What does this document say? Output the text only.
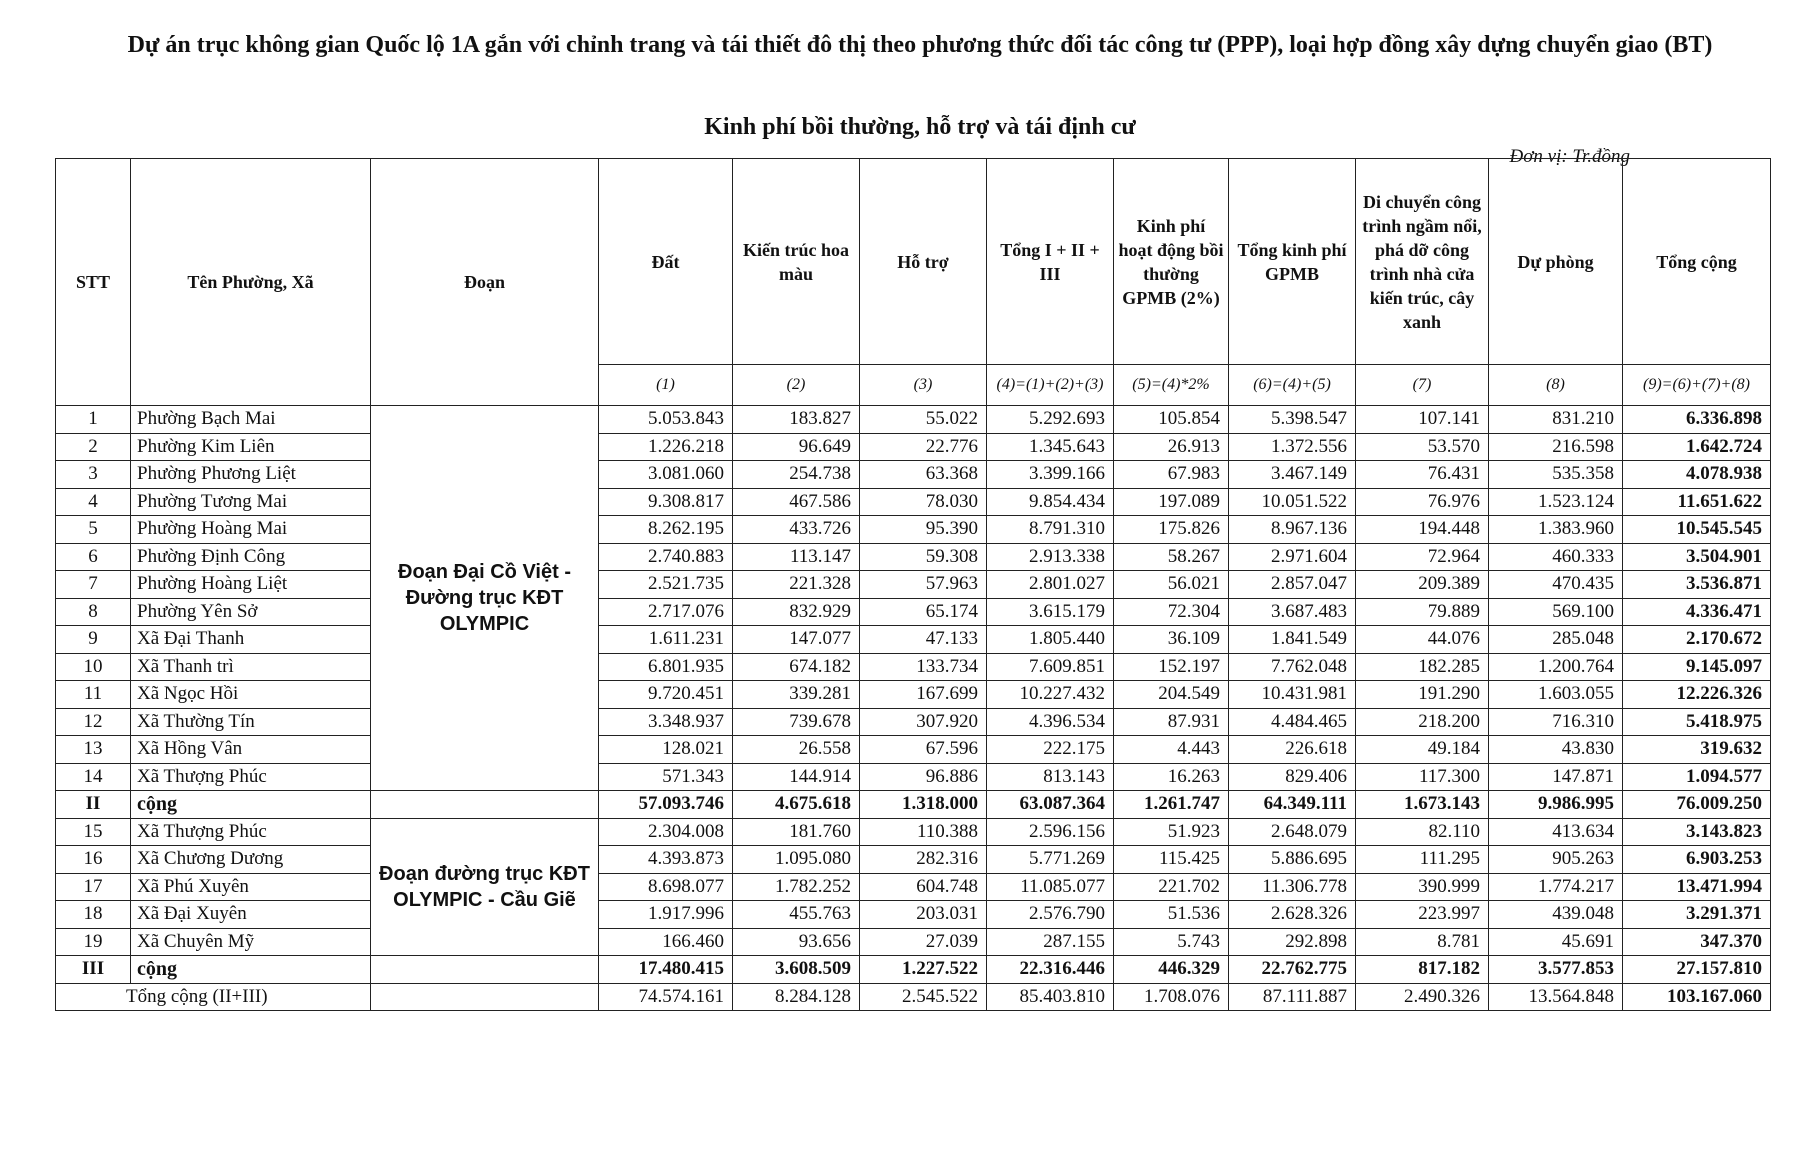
Dự án trục không gian Quốc lộ 1A gắn với chỉnh trang và tái thiết đô thị theo phương thức đối tác công tư (PPP), loại hợp đồng xây dựng chuyển giao (BT)
Kinh phí bồi thường, hỗ trợ và tái định cư
Đơn vị: Tr.đồng
STT	Tên Phường, Xã	Đoạn	Đất	Kiến trúc hoa màu	Hỗ trợ	Tổng I + II + III	Kinh phí hoạt động bồi thường GPMB (2%)	Tổng kinh phí GPMB	Di chuyển công trình ngầm nổi, phá dỡ công trình nhà cửa kiến trúc, cây xanh	Dự phòng	Tổng cộng
			(1)	(2)	(3)	(4)=(1)+(2)+(3)	(5)=(4)*2%	(6)=(4)+(5)	(7)	(8)	(9)=(6)+(7)+(8)
1	Phường Bạch Mai	Đoạn Đại Cồ Việt - Đường trục KĐT OLYMPIC	5.053.843	183.827	55.022	5.292.693	105.854	5.398.547	107.141	831.210	6.336.898
2	Phường Kim Liên		1.226.218	96.649	22.776	1.345.643	26.913	1.372.556	53.570	216.598	1.642.724
3	Phường Phương Liệt		3.081.060	254.738	63.368	3.399.166	67.983	3.467.149	76.431	535.358	4.078.938
4	Phường Tương Mai		9.308.817	467.586	78.030	9.854.434	197.089	10.051.522	76.976	1.523.124	11.651.622
5	Phường Hoàng Mai		8.262.195	433.726	95.390	8.791.310	175.826	8.967.136	194.448	1.383.960	10.545.545
6	Phường Định Công		2.740.883	113.147	59.308	2.913.338	58.267	2.971.604	72.964	460.333	3.504.901
7	Phường Hoàng Liệt		2.521.735	221.328	57.963	2.801.027	56.021	2.857.047	209.389	470.435	3.536.871
8	Phường Yên Sở		2.717.076	832.929	65.174	3.615.179	72.304	3.687.483	79.889	569.100	4.336.471
9	Xã Đại Thanh		1.611.231	147.077	47.133	1.805.440	36.109	1.841.549	44.076	285.048	2.170.672
10	Xã Thanh trì		6.801.935	674.182	133.734	7.609.851	152.197	7.762.048	182.285	1.200.764	9.145.097
11	Xã Ngọc Hồi		9.720.451	339.281	167.699	10.227.432	204.549	10.431.981	191.290	1.603.055	12.226.326
12	Xã Thường Tín		3.348.937	739.678	307.920	4.396.534	87.931	4.484.465	218.200	716.310	5.418.975
13	Xã Hồng Vân		128.021	26.558	67.596	222.175	4.443	226.618	49.184	43.830	319.632
14	Xã Thượng Phúc		571.343	144.914	96.886	813.143	16.263	829.406	117.300	147.871	1.094.577
II	cộng		57.093.746	4.675.618	1.318.000	63.087.364	1.261.747	64.349.111	1.673.143	9.986.995	76.009.250
15	Xã Thượng Phúc	Đoạn đường trục KĐT OLYMPIC - Cầu Giẽ	2.304.008	181.760	110.388	2.596.156	51.923	2.648.079	82.110	413.634	3.143.823
16	Xã Chương Dương		4.393.873	1.095.080	282.316	5.771.269	115.425	5.886.695	111.295	905.263	6.903.253
17	Xã Phú Xuyên		8.698.077	1.782.252	604.748	11.085.077	221.702	11.306.778	390.999	1.774.217	13.471.994
18	Xã Đại Xuyên		1.917.996	455.763	203.031	2.576.790	51.536	2.628.326	223.997	439.048	3.291.371
19	Xã Chuyên Mỹ		166.460	93.656	27.039	287.155	5.743	292.898	8.781	45.691	347.370
III	cộng		17.480.415	3.608.509	1.227.522	22.316.446	446.329	22.762.775	817.182	3.577.853	27.157.810
Tổng cộng (II+III)			74.574.161	8.284.128	2.545.522	85.403.810	1.708.076	87.111.887	2.490.326	13.564.848	103.167.060
